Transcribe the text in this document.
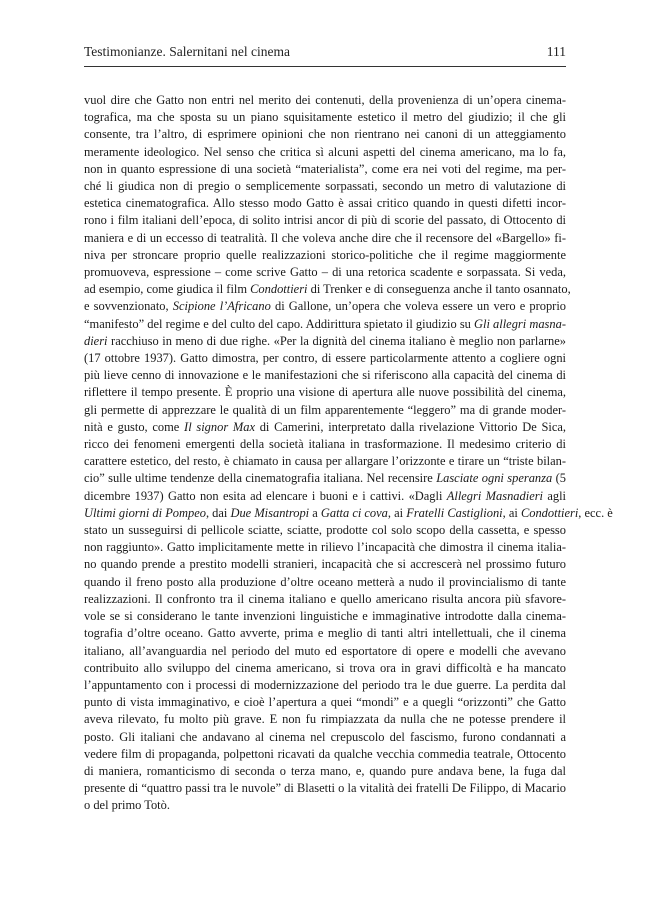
Testimonianze. Salernitani nel cinema	111
vuol dire che Gatto non entri nel merito dei contenuti, della provenienza di un’opera cinema-
tografica, ma che sposta su un piano squisitamente estetico il metro del giudizio; il che gli
consente, tra l’altro, di esprimere opinioni che non rientrano nei canoni di un atteggiamento
meramente ideologico. Nel senso che critica sì alcuni aspetti del cinema americano, ma lo fa,
non in quanto espressione di una società “materialista”, come era nei voti del regime, ma per-
ché li giudica non di pregio o semplicemente sorpassati, secondo un metro di valutazione di
estetica cinematografica. Allo stesso modo Gatto è assai critico quando in questi difetti incor-
rono i film italiani dell’epoca, di solito intrisi ancor di più di scorie del passato, di Ottocento di
maniera e di un eccesso di teatralità. Il che voleva anche dire che il recensore del «Bargello» fi-
niva per stroncare proprio quelle realizzazioni storico-politiche che il regime maggiormente
promuoveva, espressione – come scrive Gatto – di una retorica scadente e sorpassata. Si veda,
ad esempio, come giudica il film Condottieri di Trenker e di conseguenza anche il tanto osannato,
e sovvenzionato, Scipione l’Africano di Gallone, un’opera che voleva essere un vero e proprio
“manifesto” del regime e del culto del capo. Addirittura spietato il giudizio su Gli allegri masna-
dieri racchiuso in meno di due righe. «Per la dignità del cinema italiano è meglio non parlarne»
(17 ottobre 1937). Gatto dimostra, per contro, di essere particolarmente attento a cogliere ogni
più lieve cenno di innovazione e le manifestazioni che si riferiscono alla capacità del cinema di
riflettere il tempo presente. È proprio una visione di apertura alle nuove possibilità del cinema,
gli permette di apprezzare le qualità di un film apparentemente “leggero” ma di grande moder-
nità e gusto, come Il signor Max di Camerini, interpretato dalla rivelazione Vittorio De Sica,
ricco dei fenomeni emergenti della società italiana in trasformazione. Il medesimo criterio di
carattere estetico, del resto, è chiamato in causa per allargare l’orizzonte e tirare un “triste bilan-
cio” sulle ultime tendenze della cinematografia italiana. Nel recensire Lasciate ogni speranza (5
dicembre 1937) Gatto non esita ad elencare i buoni e i cattivi. «Dagli Allegri Masnadieri agli
Ultimi giorni di Pompeo, dai Due Misantropi a Gatta ci cova, ai Fratelli Castiglioni, ai Condottieri, ecc. è
stato un susseguirsi di pellicole sciatte, sciatte, prodotte col solo scopo della cassetta, e spesso
non raggiunto». Gatto implicitamente mette in rilievo l’incapacità che dimostra il cinema italia-
no quando prende a prestito modelli stranieri, incapacità che si accrescerà nel prossimo futuro
quando il freno posto alla produzione d’oltre oceano metterà a nudo il provincialismo di tante
realizzazioni. Il confronto tra il cinema italiano e quello americano risulta ancora più sfavore-
vole se si considerano le tante invenzioni linguistiche e immaginative introdotte dalla cinema-
tografia d’oltre oceano. Gatto avverte, prima e meglio di tanti altri intellettuali, che il cinema
italiano, all’avanguardia nel periodo del muto ed esportatore di opere e modelli che avevano
contribuito allo sviluppo del cinema americano, si trova ora in gravi difficoltà e ha mancato
l’appuntamento con i processi di modernizzazione del periodo tra le due guerre. La perdita dal
punto di vista immaginativo, e cioè l’apertura a quei “mondi” e a quegli “orizzonti” che Gatto
aveva rilevato, fu molto più grave. E non fu rimpiazzata da nulla che ne potesse prendere il
posto. Gli italiani che andavano al cinema nel crepuscolo del fascismo, furono condannati a
vedere film di propaganda, polpettoni ricavati da qualche vecchia commedia teatrale, Ottocento
di maniera, romanticismo di seconda o terza mano, e, quando pure andava bene, la fuga dal
presente di “quattro passi tra le nuvole” di Blasetti o la vitalità dei fratelli De Filippo, di Macario
o del primo Totò.
